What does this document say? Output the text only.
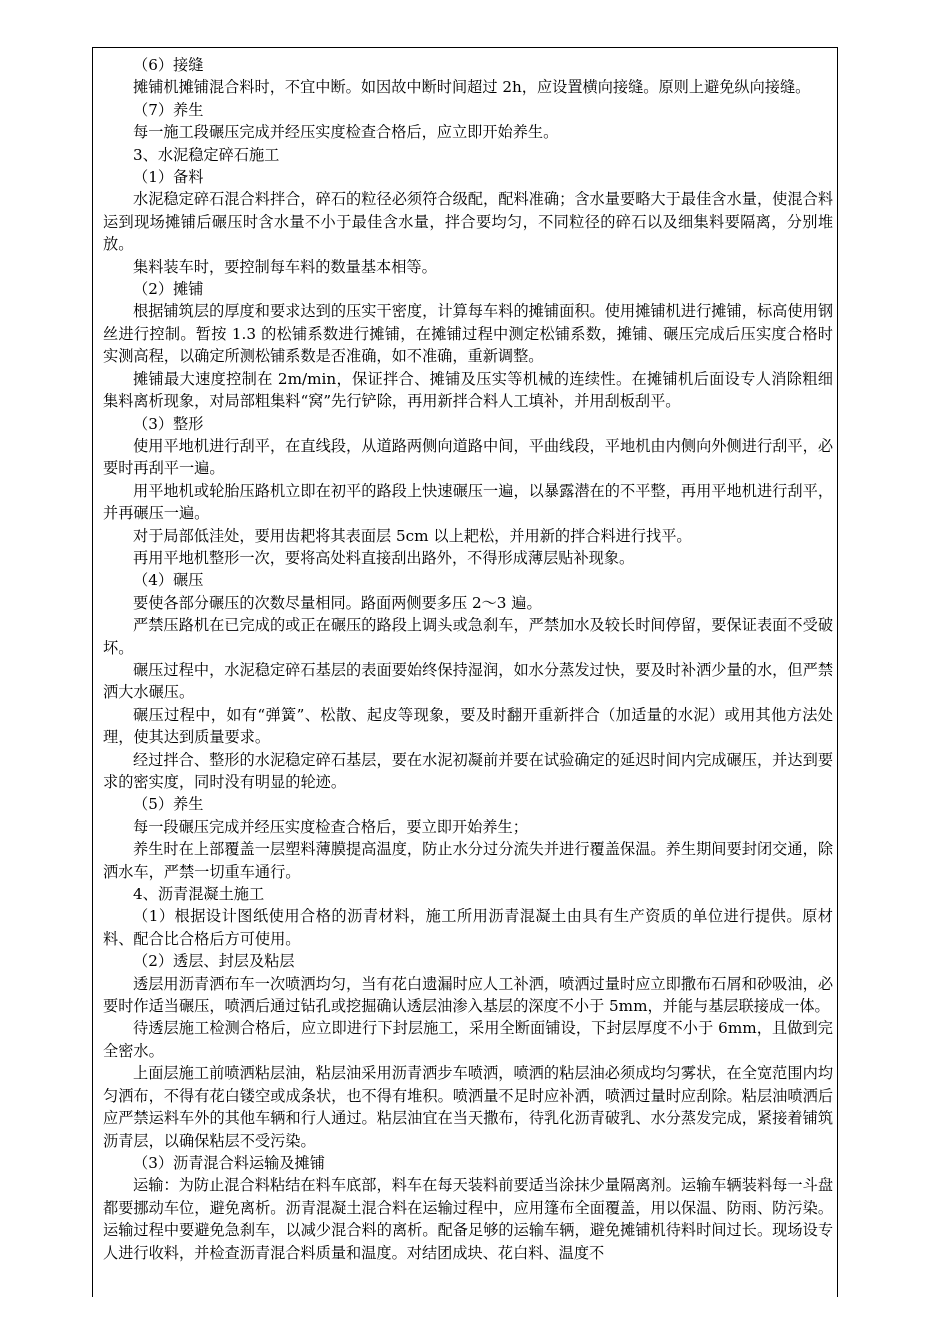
（6）接缝

摊铺机摊铺混合料时，不宜中断。如因故中断时间超过 2h，应设置横向接缝。原则上避免纵向接缝。

（7）养生

每一施工段碾压完成并经压实度检查合格后，应立即开始养生。

3、水泥稳定碎石施工

（1）备料

水泥稳定碎石混合料拌合，碎石的粒径必须符合级配，配料准确；含水量要略大于最佳含水量，使混合料运到现场摊铺后碾压时含水量不小于最佳含水量，拌合要均匀，不同粒径的碎石以及细集料要隔离，分别堆放。

集料装车时，要控制每车料的数量基本相等。

（2）摊铺

根据铺筑层的厚度和要求达到的压实干密度，计算每车料的摊铺面积。使用摊铺机进行摊铺，标高使用钢丝进行控制。暂按 1.3 的松铺系数进行摊铺，在摊铺过程中测定松铺系数，摊铺、碾压完成后压实度合格时实测高程，以确定所测松铺系数是否准确，如不准确，重新调整。

摊铺最大速度控制在 2m/min，保证拌合、摊铺及压实等机械的连续性。在摊铺机后面设专人消除粗细集料离析现象，对局部粗集料“窝”先行铲除，再用新拌合料人工填补，并用刮板刮平。

（3）整形

使用平地机进行刮平，在直线段，从道路两侧向道路中间，平曲线段，平地机由内侧向外侧进行刮平，必要时再刮平一遍。

用平地机或轮胎压路机立即在初平的路段上快速碾压一遍，以暴露潜在的不平整，再用平地机进行刮平，并再碾压一遍。

对于局部低洼处，要用齿耙将其表面层 5cm 以上耙松，并用新的拌合料进行找平。

再用平地机整形一次，要将高处料直接刮出路外，不得形成薄层贴补现象。

（4）碾压

要使各部分碾压的次数尽量相同。路面两侧要多压 2～3 遍。

严禁压路机在已完成的或正在碾压的路段上调头或急刹车，严禁加水及较长时间停留，要保证表面不受破坏。

碾压过程中，水泥稳定碎石基层的表面要始终保持湿润，如水分蒸发过快，要及时补洒少量的水，但严禁洒大水碾压。

碾压过程中，如有“弹簧”、松散、起皮等现象，要及时翻开重新拌合（加适量的水泥）或用其他方法处理，使其达到质量要求。

经过拌合、整形的水泥稳定碎石基层，要在水泥初凝前并要在试验确定的延迟时间内完成碾压，并达到要求的密实度，同时没有明显的轮迹。

（5）养生

每一段碾压完成并经压实度检查合格后，要立即开始养生；

养生时在上部覆盖一层塑料薄膜提高温度，防止水分过分流失并进行覆盖保温。养生期间要封闭交通，除洒水车，严禁一切重车通行。

4、沥青混凝土施工

（1）根据设计图纸使用合格的沥青材料，施工所用沥青混凝土由具有生产资质的单位进行提供。原材料、配合比合格后方可使用。

（2）透层、封层及粘层

透层用沥青洒布车一次喷洒均匀，当有花白遗漏时应人工补洒，喷洒过量时应立即撒布石屑和砂吸油，必要时作适当碾压，喷洒后通过钻孔或挖掘确认透层油渗入基层的深度不小于 5mm，并能与基层联接成一体。

待透层施工检测合格后，应立即进行下封层施工，采用全断面铺设，下封层厚度不小于 6mm，且做到完全密水。

上面层施工前喷洒粘层油，粘层油采用沥青洒步车喷洒，喷洒的粘层油必须成均匀雾状，在全宽范围内均匀洒布，不得有花白镂空或成条状，也不得有堆积。喷洒量不足时应补洒，喷洒过量时应刮除。粘层油喷洒后应严禁运料车外的其他车辆和行人通过。粘层油宜在当天撒布，待乳化沥青破乳、水分蒸发完成，紧接着铺筑沥青层，以确保粘层不受污染。

（3）沥青混合料运输及摊铺

运输：为防止混合料粘结在料车底部，料车在每天装料前要适当涂抹少量隔离剂。运输车辆装料每一斗盘都要挪动车位，避免离析。沥青混凝土混合料在运输过程中，应用篷布全面覆盖，用以保温、防雨、防污染。运输过程中要避免急刹车，以减少混合料的离析。配备足够的运输车辆，避免摊铺机待料时间过长。现场设专人进行收料，并检查沥青混合料质量和温度。对结团成块、花白料、温度不
